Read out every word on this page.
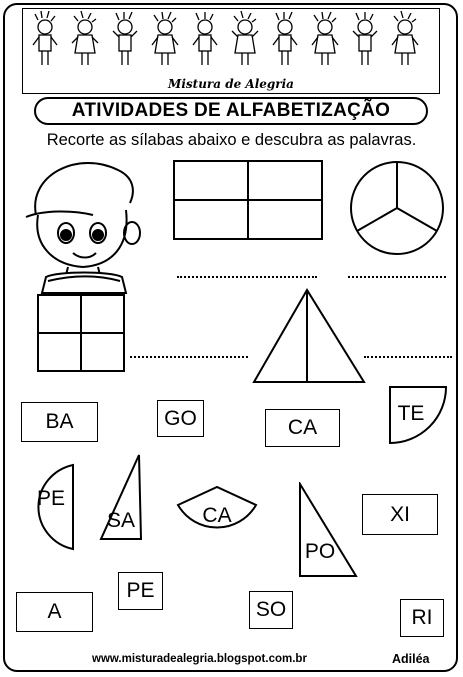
Mistura de Alegria
ATIVIDADES DE ALFABETIZAÇÃO
Recorte as sílabas abaixo e descubra as palavras.
BA	GO	CA
TE
PE
SA	CA	XI
PO
PE
A	SO	RI
www.misturadealegria.blogspot.com.br	Adiléa
